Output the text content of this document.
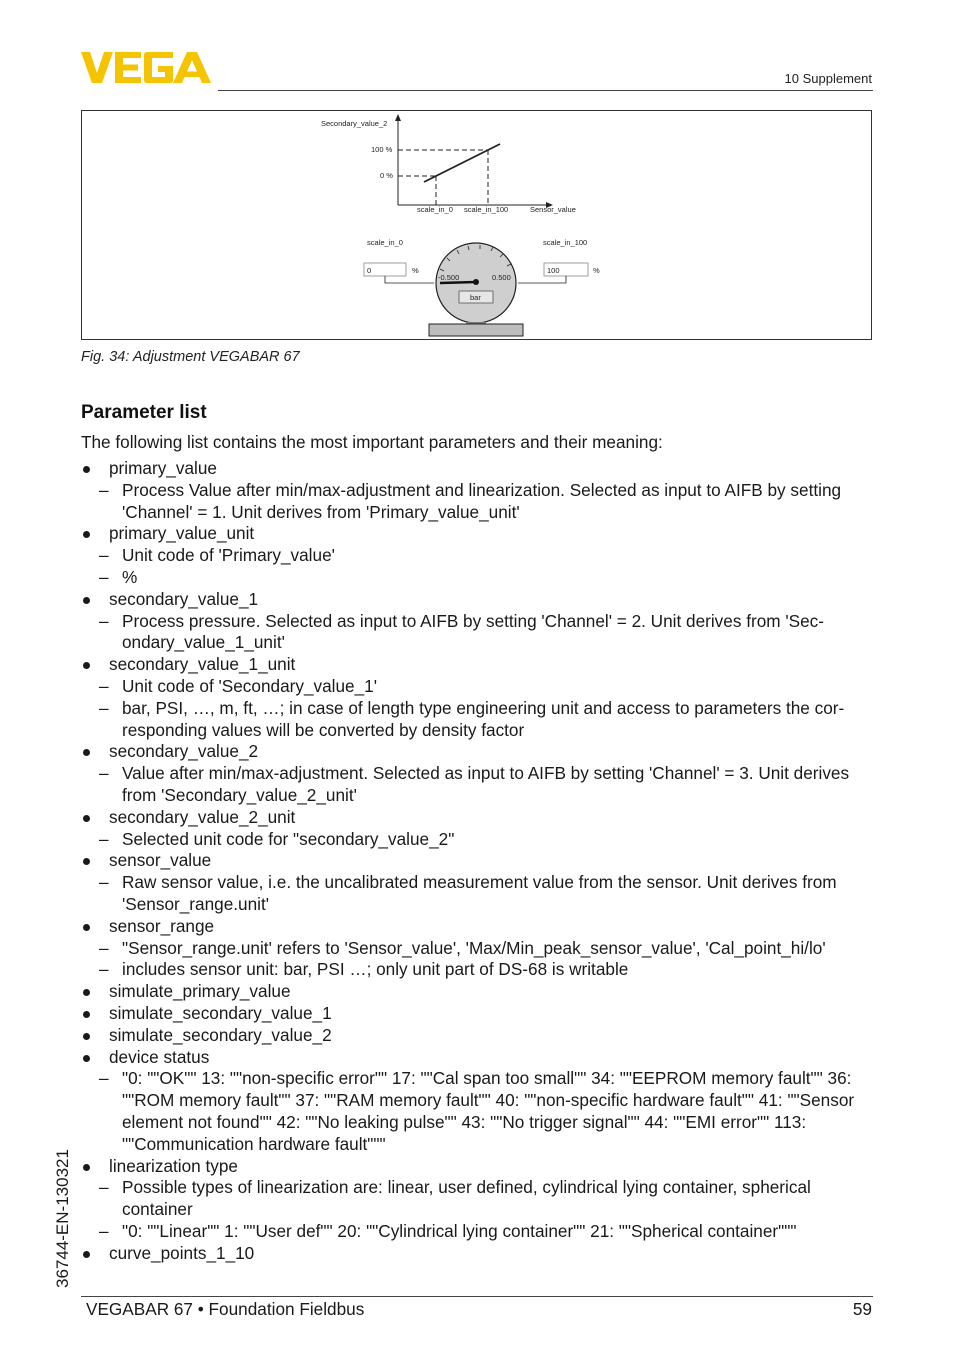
10 Supplement
Secondary_value_2
100 %
0 %
scale_in_0 scale_in_100	Sensor_value
scale_in_0
0	%
scale_in_100
100	%
-0.500	0.500
bar
Fig. 34: Adjustment VEGABAR 67
Parameter list
The following list contains the most important parameters and their meaning:
primary_value
– Process Value after min/max-adjustment and linearization. Selected as input to AIFB by setting 'Channel' = 1. Unit derives from 'Primary_value_unit'
primary_value_unit
– Unit code of 'Primary_value'
– %
secondary_value_1
– Process pressure. Selected as input to AIFB by setting 'Channel' = 2. Unit derives from 'Sec-ondary_value_1_unit'
secondary_value_1_unit
– Unit code of 'Secondary_value_1'
– bar, PSI, …, m, ft, …; in case of length type engineering unit and access to parameters the cor-responding values will be converted by density factor
secondary_value_2
– Value after min/max-adjustment. Selected as input to AIFB by setting 'Channel' = 3. Unit derives from 'Secondary_value_2_unit'
secondary_value_2_unit
– Selected unit code for "secondary_value_2"
sensor_value
– Raw sensor value, i.e. the uncalibrated measurement value from the sensor. Unit derives from 'Sensor_range.unit'
sensor_range
– "Sensor_range.unit' refers to 'Sensor_value', 'Max/Min_peak_sensor_value', 'Cal_point_hi/lo'
– includes sensor unit: bar, PSI …; only unit part of DS-68 is writable
simulate_primary_value
simulate_secondary_value_1
simulate_secondary_value_2
device status
– "0: ""OK"" 13: ""non-specific error"" 17: ""Cal span too small"" 34: ""EEPROM memory fault"" 36: ""ROM memory fault"" 37: ""RAM memory fault"" 40: ""non-specific hardware fault"" 41: ""Sensor element not found"" 42: ""No leaking pulse"" 43: ""No trigger signal"" 44: ""EMI error"" 113: ""Communication hardware fault"""
linearization type
– Possible types of linearization are: linear, user defined, cylindrical lying container, spherical container
– "0: ""Linear"" 1: ""User def"" 20: ""Cylindrical lying container"" 21: ""Spherical container"""
curve_points_1_10
VEGABAR 67 • Foundation Fieldbus	59
36744-EN-130321
